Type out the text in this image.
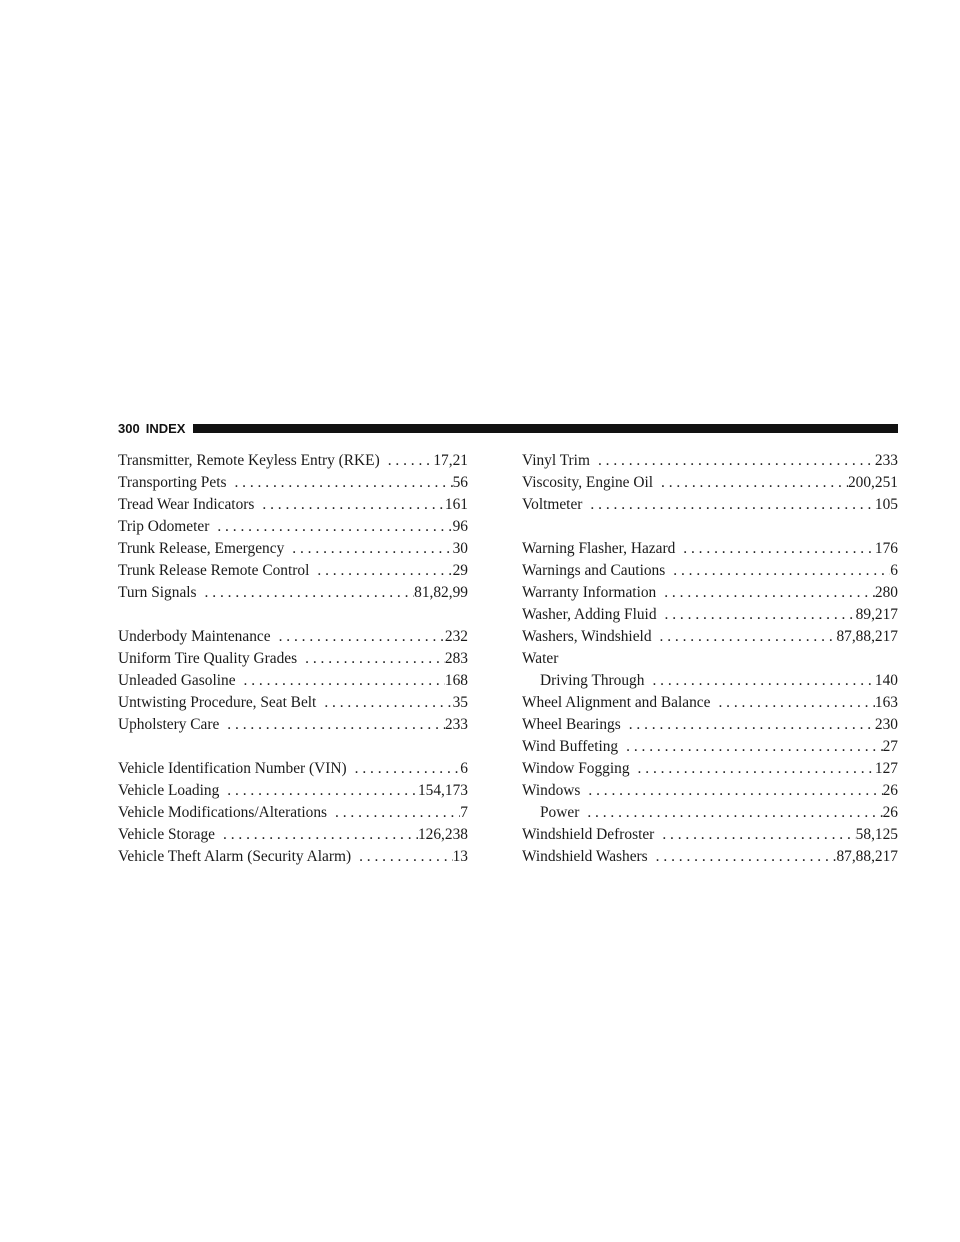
300 INDEX
Transmitter, Remote Keyless Entry (RKE) . . .	17,21
Transporting Pets . . .	56
Tread Wear Indicators . . .	161
Trip Odometer . . .	96
Trunk Release, Emergency . . .	30
Trunk Release Remote Control . . .	29
Turn Signals . . .	81,82,99
Underbody Maintenance . . .	232
Uniform Tire Quality Grades . . .	283
Unleaded Gasoline . . .	168
Untwisting Procedure, Seat Belt . . .	35
Upholstery Care . . .	233
Vehicle Identification Number (VIN) . . .	6
Vehicle Loading . . .	154,173
Vehicle Modifications/Alterations . . .	7
Vehicle Storage . . .	126,238
Vehicle Theft Alarm (Security Alarm) . . .	13
Vinyl Trim . . .	233
Viscosity, Engine Oil . . .	200,251
Voltmeter . . .	105
Warning Flasher, Hazard . . .	176
Warnings and Cautions . . .	6
Warranty Information . . .	280
Washer, Adding Fluid . . .	89,217
Washers, Windshield . . .	87,88,217
Water
Driving Through . . .	140
Wheel Alignment and Balance . . .	163
Wheel Bearings . . .	230
Wind Buffeting . . .	27
Window Fogging . . .	127
Windows . . .	26
Power . . .	26
Windshield Defroster . . .	58,125
Windshield Washers . . .	87,88,217
